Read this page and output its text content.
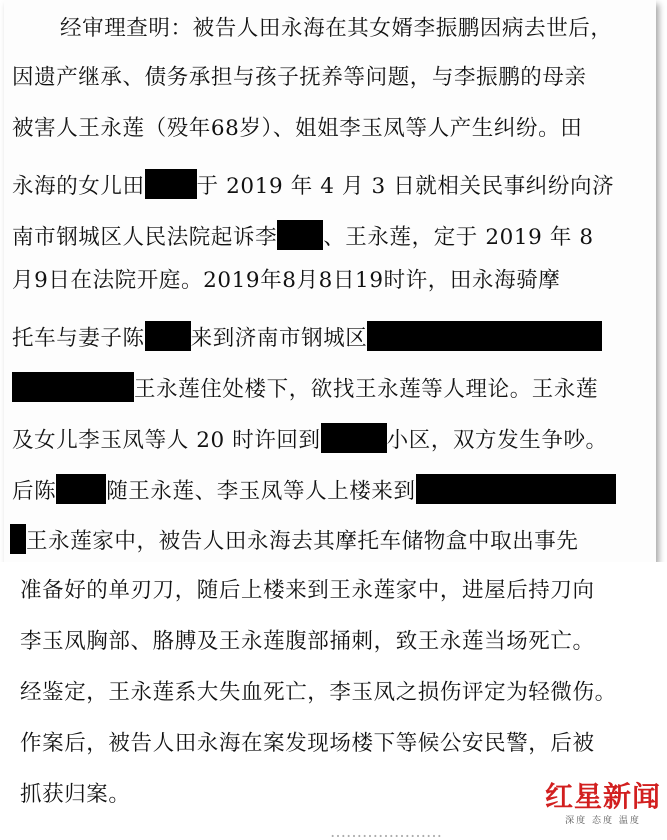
经审理查明：被告人田永海在其女婿李振鹏因病去世后，
因遗产继承、债务承担与孩子抚养等问题，与李振鹏的母亲
被害人王永莲（殁年68岁）、姐姐李玉凤等人产生纠纷。田
永海的女儿田 于 2019 年 4 月 3 日就相关民事纠纷向济
南市钢城区人民法院起诉李 、王永莲，定于 2019 年 8
月9日在法院开庭。2019年8月8日19时许，田永海骑摩
托车与妻子陈 来到济南市钢城区
王永莲住处楼下，欲找王永莲等人理论。王永莲
及女儿李玉凤等人 20 时许回到	小区，双方发生争吵。
后陈 随王永莲、李玉凤等人上楼来到
王永莲家中，被告人田永海去其摩托车储物盒中取出事先
准备好的单刃刀，随后上楼来到王永莲家中，进屋后持刀向
李玉凤胸部、胳膊及王永莲腹部捅刺，致王永莲当场死亡。
经鉴定，王永莲系大失血死亡，李玉凤之损伤评定为轻微伤。
作案后，被告人田永海在案发现场楼下等候公安民警，后被
抓获归案。
…………………
红星新闻
深度 态度 温度
